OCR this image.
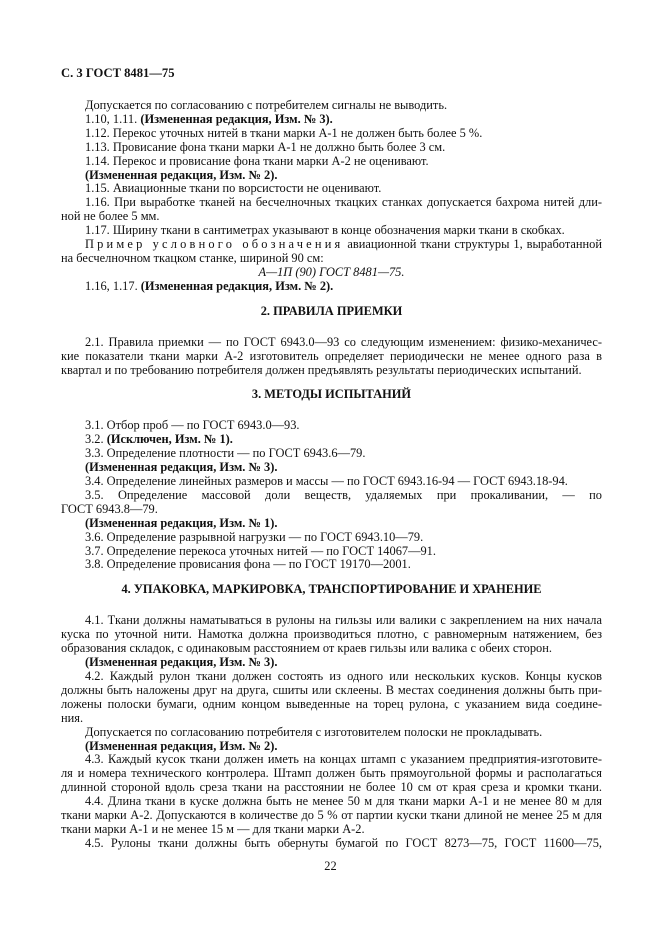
С. 3 ГОСТ 8481—75
Допускается по согласованию с потребителем сигналы не выводить.
1.10, 1.11. (Измененная редакция, Изм. № 3).
1.12. Перекос уточных нитей в ткани марки А-1 не должен быть более 5 %.
1.13. Провисание фона ткани марки А-1 не должно быть более 3 см.
1.14. Перекос и провисание фона ткани марки А-2 не оценивают.
(Измененная редакция, Изм. № 2).
1.15. Авиационные ткани по ворсистости не оценивают.
1.16. При выработке тканей на бесчелночных ткацких станках допускается бахрома нитей дли-
ной не более 5 мм.
1.17. Ширину ткани в сантиметрах указывают в конце обозначения марки ткани в скобках.
Пример условного обозначения авиационной ткани структуры 1, выработанной
на бесчелночном ткацком станке, шириной 90 см:
А—1П (90) ГОСТ 8481—75.
1.16, 1.17. (Измененная редакция, Изм. № 2).
2. ПРАВИЛА ПРИЕМКИ
2.1. Правила приемки — по ГОСТ 6943.0—93 со следующим изменением: физико-механичес-
кие показатели ткани марки А-2 изготовитель определяет периодически не менее одного раза в
квартал и по требованию потребителя должен предъявлять результаты периодических испытаний.
3. МЕТОДЫ ИСПЫТАНИЙ
3.1. Отбор проб — по ГОСТ 6943.0—93.
3.2. (Исключен, Изм. № 1).
3.3. Определение плотности — по ГОСТ 6943.6—79.
(Измененная редакция, Изм. № 3).
3.4. Определение линейных размеров и массы — по ГОСТ 6943.16-94 — ГОСТ 6943.18-94.
3.5. Определение массовой доли веществ, удаляемых при прокаливании, — по
ГОСТ 6943.8—79.
(Измененная редакция, Изм. № 1).
3.6. Определение разрывной нагрузки — по ГОСТ 6943.10—79.
3.7. Определение перекоса уточных нитей — по ГОСТ 14067—91.
3.8. Определение провисания фона — по ГОСТ 19170—2001.
4. УПАКОВКА, МАРКИРОВКА, ТРАНСПОРТИРОВАНИЕ И ХРАНЕНИЕ
4.1. Ткани должны наматываться в рулоны на гильзы или валики с закреплением на них начала
куска по уточной нити. Намотка должна производиться плотно, с равномерным натяжением, без
образования складок, с одинаковым расстоянием от краев гильзы или валика с обеих сторон.
(Измененная редакция, Изм. № 3).
4.2. Каждый рулон ткани должен состоять из одного или нескольких кусков. Концы кусков
должны быть наложены друг на друга, сшиты или склеены. В местах соединения должны быть при-
ложены полоски бумаги, одним концом выведенные на торец рулона, с указанием вида соедине-
ния.
Допускается по согласованию потребителя с изготовителем полоски не прокладывать.
(Измененная редакция, Изм. № 2).
4.3. Каждый кусок ткани должен иметь на концах штамп с указанием предприятия-изготовите-
ля и номера технического контролера. Штамп должен быть прямоугольной формы и располагаться
длинной стороной вдоль среза ткани на расстоянии не более 10 см от края среза и кромки ткани.
4.4. Длина ткани в куске должна быть не менее 50 м для ткани марки А-1 и не менее 80 м для
ткани марки А-2. Допускаются в количестве до 5 % от партии куски ткани длиной не менее 25 м для
ткани марки А-1 и не менее 15 м — для ткани марки А-2.
4.5. Рулоны ткани должны быть обернуты бумагой по ГОСТ 8273—75, ГОСТ 11600—75,
22
